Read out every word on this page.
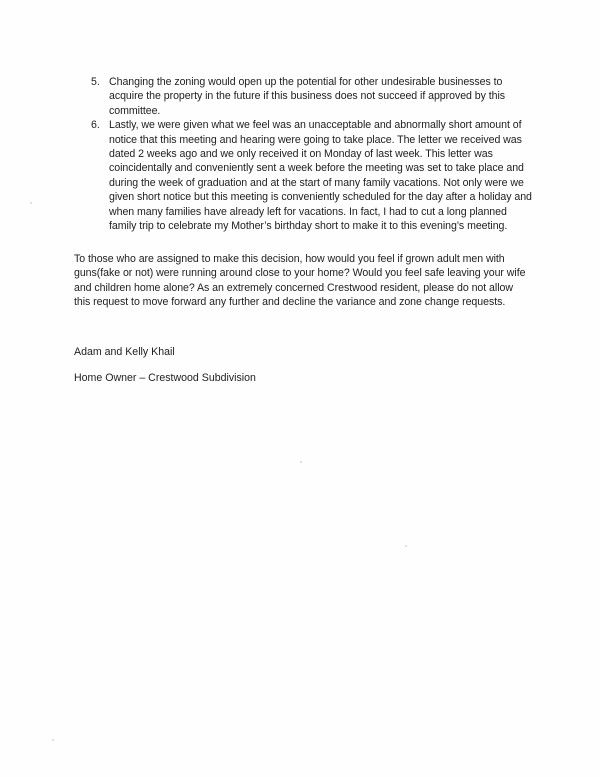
5. Changing the zoning would open up the potential for other undesirable businesses to acquire the property in the future if this business does not succeed if approved by this committee.
6. Lastly, we were given what we feel was an unacceptable and abnormally short amount of notice that this meeting and hearing were going to take place. The letter we received was dated 2 weeks ago and we only received it on Monday of last week. This letter was coincidentally and conveniently sent a week before the meeting was set to take place and during the week of graduation and at the start of many family vacations. Not only were we given short notice but this meeting is conveniently scheduled for the day after a holiday and when many families have already left for vacations. In fact, I had to cut a long planned family trip to celebrate my Mother’s birthday short to make it to this evening’s meeting.

To those who are assigned to make this decision, how would you feel if grown adult men with guns(fake or not) were running around close to your home? Would you feel safe leaving your wife and children home alone? As an extremely concerned Crestwood resident, please do not allow this request to move forward any further and decline the variance and zone change requests.

Adam and Kelly Khail

Home Owner – Crestwood Subdivision
